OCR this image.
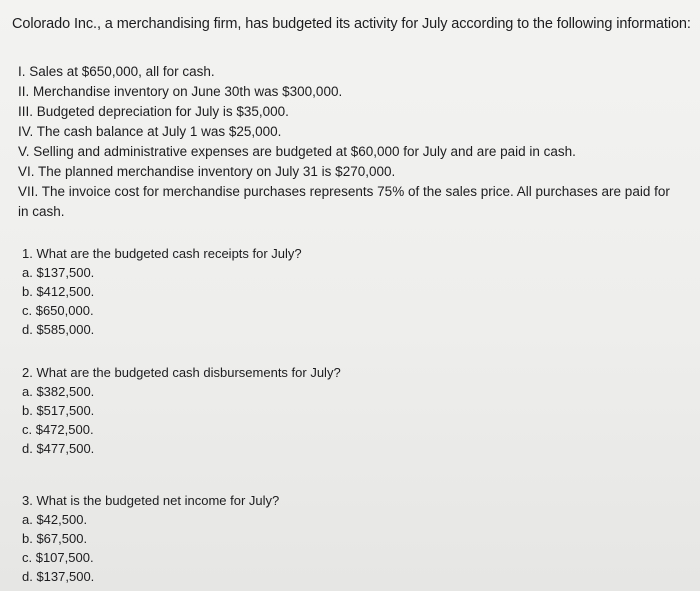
Colorado Inc., a merchandising firm, has budgeted its activity for July according to the following information:
I. Sales at $650,000, all for cash.
II. Merchandise inventory on June 30th was $300,000.
III. Budgeted depreciation for July is $35,000.
IV. The cash balance at July 1 was $25,000.
V. Selling and administrative expenses are budgeted at $60,000 for July and are paid in cash.
VI. The planned merchandise inventory on July 31 is $270,000.
VII. The invoice cost for merchandise purchases represents 75% of the sales price. All purchases are paid for in cash.
1. What are the budgeted cash receipts for July?
a. $137,500.
b. $412,500.
c. $650,000.
d. $585,000.
2. What are the budgeted cash disbursements for July?
a. $382,500.
b. $517,500.
c. $472,500.
d. $477,500.
3. What is the budgeted net income for July?
a. $42,500.
b. $67,500.
c. $107,500.
d. $137,500.
